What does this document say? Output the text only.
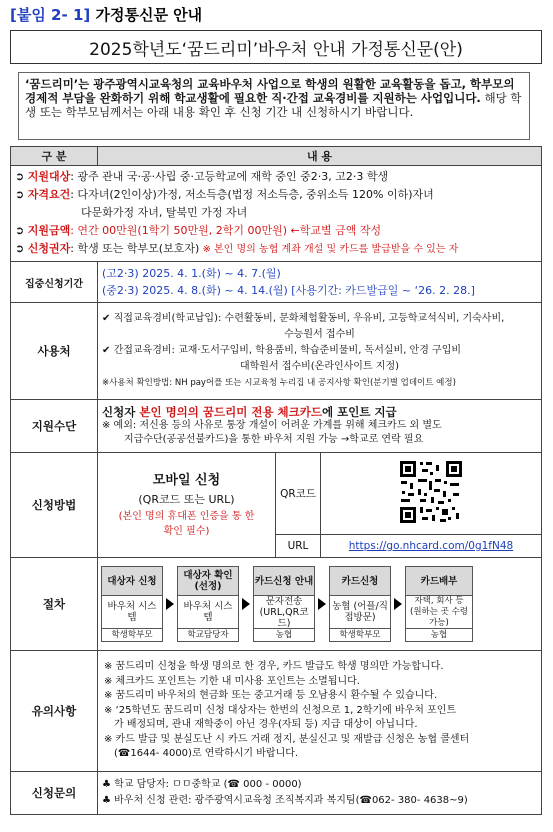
[붙임 2- 1] 가정통신문 안내
2025학년도‘꿈드리미’바우처 안내 가정통신문(안)
‘꿈드리미’는 광주광역시교육청의 교육바우처 사업으로 학생의 원활한 교육활동을 돕고, 학부모의 경제적 부담을 완화하기 위해 학교생활에 필요한 직·간접 교육경비를 지원하는 사업입니다. 해당 학생 또는 학부모님께서는 아래 내용 확인 후 신청 기간 내 신청하시기 바랍니다.
구 분	내 용

➲ 지원대상: 광주 관내 국·공·사립 중·고등학교에 재학 중인 중2·3, 고2·3 학생
➲ 자격요건: 다자녀(2인이상)가정, 저소득층(법정 저소득층, 중위소득 120% 이하)자녀
다문화가정 자녀, 탈북민 가정 자녀
➲ 지원금액: 연간 00만원(1학기 50만원, 2학기 00만원) ←학교별 금액 작성
➲ 신청권자: 학생 또는 학부모(보호자) ※ 본인 명의 농협 계좌 개설 및 카드를 발급받을 수 있는 자

집중신청기간	
(고2·3) 2025. 4. 1.(화) ~ 4. 7.(월)
(중2·3) 2025. 4. 8.(화) ~ 4. 14.(월) [사용기간: 카드발급일 ~ ‘26. 2. 28.]

사용처	
✔ 직접교육경비(학교납입): 수련활동비, 문화체험활동비, 우유비, 고등학교석식비, 기숙사비,
수능원서 접수비
✔ 간접교육경비: 교재·도서구입비, 학용품비, 학습준비물비, 독서실비, 안경 구입비
대학원서 접수비(온라인사이트 지정)
※사용처 확인방법: NH pay어플 또는 시교육청 누리집 내 공지사항 확인(분기별 업데이트 예정)

지원수단	
신청자 본인 명의의 꿈드리미 전용 체크카드에 포인트 지급
※ 예외: 저신용 등의 사유로 통장 개설이 어려운 가계를 위해 체크카드 외 별도
지급수단(공공선불카드)을 통한 바우처 지원 가능 →학교로 연락 필요

신청방법	
모바일 신청
(QR코드 또는 URL)
(본인 명의 휴대폰 인증을 통 한 확인 필수)
	QR코드	
URL	https://go.nhcard.com/0g1fN48

절차	
대상자 신청
바우처 시스템
학생학부모
대상자 확인(선정)
바우처 시스템
학교담당자
카드신청 안내
문자전송 (URL,QR코드)
농협
카드신청
농협 (어플/직접방문)
학생학부모
카드배부
자택, 회사 등 (원하는 곳 수령 가능)
농협

유의사항	
※ 꿈드리미 신청을 학생 명의로 한 경우, 카드 발급도 학생 명의만 가능합니다.
※ 체크카드 포인트는 기한 내 미사용 포인트는 소멸됩니다.
※ 꿈드리미 바우처의 현금화 또는 중고거래 등 오남용시 환수될 수 있습니다.
※ ‘25학년도 꿈드리미 신청 대상자는 한번의 신청으로 1, 2학기에 바우처 포인트
가 배정되며, 관내 재학중이 아닌 경우(자퇴 등) 지급 대상이 아닙니다.
※ 카드 발급 및 분실도난 시 카드 거래 정지, 분실신고 및 재발급 신청은 농협 콜센터
(☎1644- 4000)로 연락하시기 바랍니다.

신청문의	
♣ 학교 담당자: ㅁㅁ중학교 (☎ 000 - 0000)
♣ 바우처 신청 관련: 광주광역시교육청 조직복지과 복지팀(☎062- 380- 4638~9)
